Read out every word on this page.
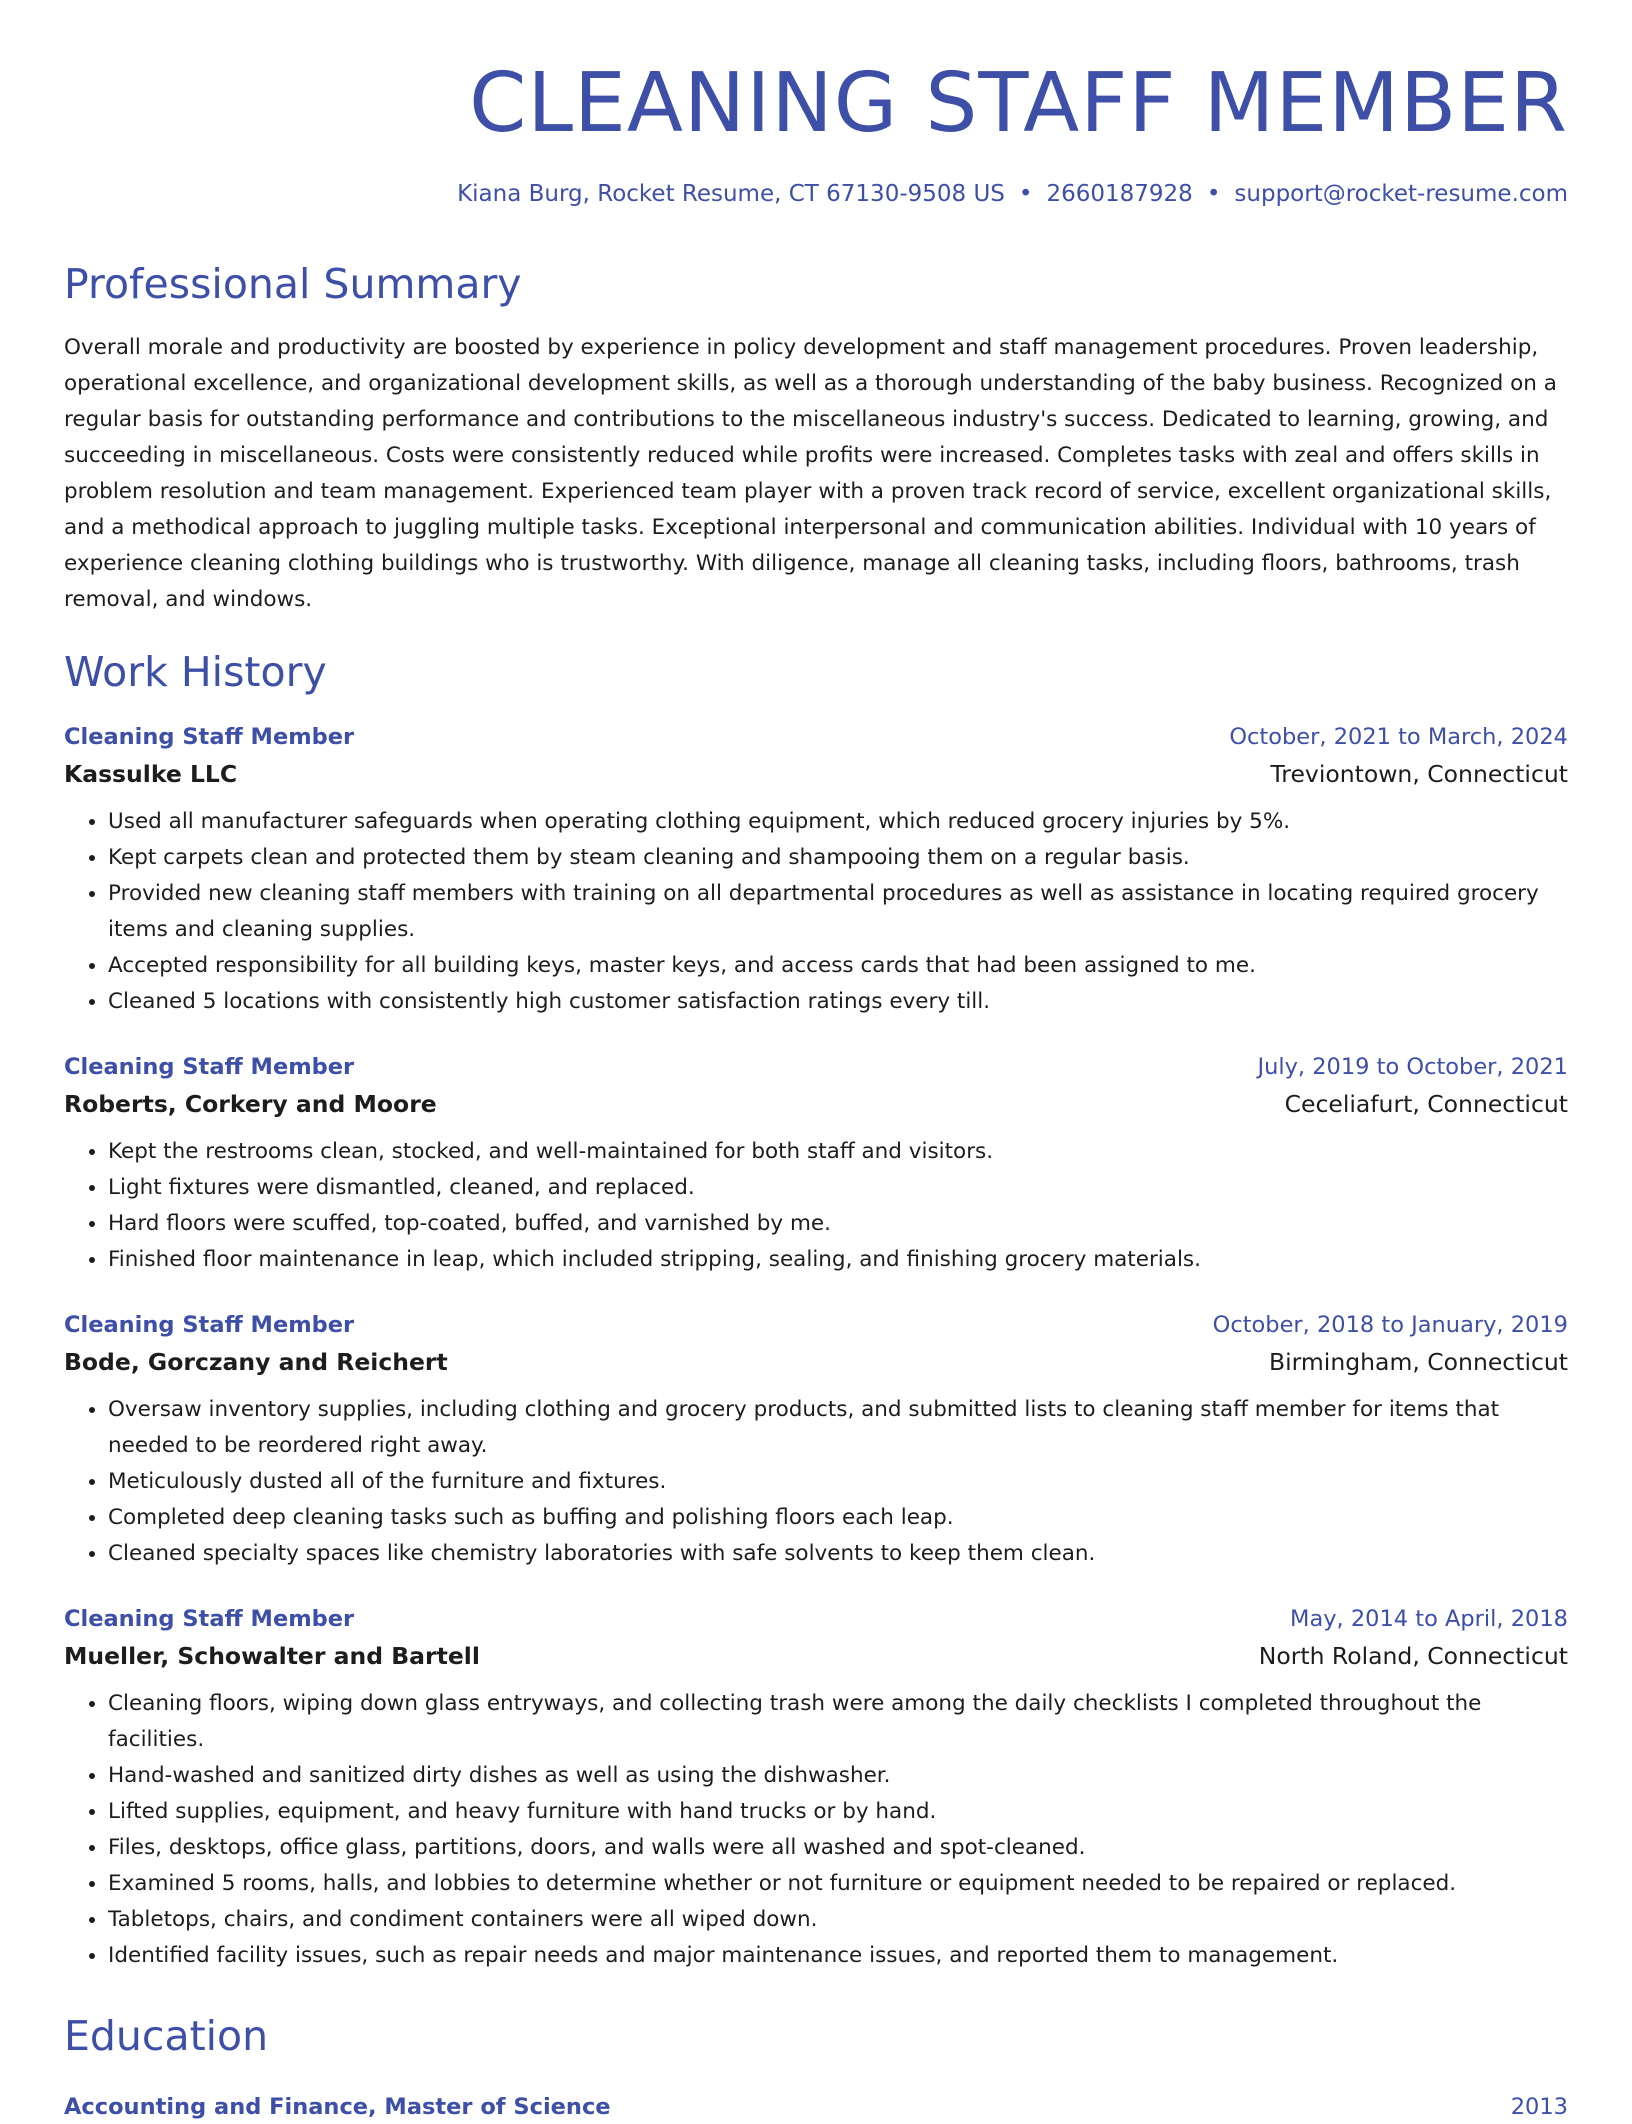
CLEANING STAFF MEMBER
Kiana Burg, Rocket Resume, CT 67130-9508 US • 2660187928 • support@rocket-resume.com
Professional Summary

Overall morale and productivity are boosted by experience in policy development and staff management procedures. Proven leadership, operational excellence, and organizational development skills, as well as a thorough understanding of the baby business. Recognized on a regular basis for outstanding performance and contributions to the miscellaneous industry's success. Dedicated to learning, growing, and succeeding in miscellaneous. Costs were consistently reduced while profits were increased. Completes tasks with zeal and offers skills in problem resolution and team management. Experienced team player with a proven track record of service, excellent organizational skills, and a methodical approach to juggling multiple tasks. Exceptional interpersonal and communication abilities. Individual with 10 years of experience cleaning clothing buildings who is trustworthy. With diligence, manage all cleaning tasks, including floors, bathrooms, trash removal, and windows.

Work History
Cleaning Staff Member	October, 2021 to March, 2024
Kassulke LLC	Treviontown, Connecticut
• Used all manufacturer safeguards when operating clothing equipment, which reduced grocery injuries by 5%.
• Kept carpets clean and protected them by steam cleaning and shampooing them on a regular basis.
• Provided new cleaning staff members with training on all departmental procedures as well as assistance in locating required grocery items and cleaning supplies.
• Accepted responsibility for all building keys, master keys, and access cards that had been assigned to me.
• Cleaned 5 locations with consistently high customer satisfaction ratings every till.
Cleaning Staff Member	July, 2019 to October, 2021
Roberts, Corkery and Moore	Ceceliafurt, Connecticut
• Kept the restrooms clean, stocked, and well-maintained for both staff and visitors.
• Light fixtures were dismantled, cleaned, and replaced.
• Hard floors were scuffed, top-coated, buffed, and varnished by me.
• Finished floor maintenance in leap, which included stripping, sealing, and finishing grocery materials.
Cleaning Staff Member	October, 2018 to January, 2019
Bode, Gorczany and Reichert	Birmingham, Connecticut
• Oversaw inventory supplies, including clothing and grocery products, and submitted lists to cleaning staff member for items that needed to be reordered right away.
• Meticulously dusted all of the furniture and fixtures.
• Completed deep cleaning tasks such as buffing and polishing floors each leap.
• Cleaned specialty spaces like chemistry laboratories with safe solvents to keep them clean.
Cleaning Staff Member	May, 2014 to April, 2018
Mueller, Schowalter and Bartell	North Roland, Connecticut
• Cleaning floors, wiping down glass entryways, and collecting trash were among the daily checklists I completed throughout the facilities.
• Hand-washed and sanitized dirty dishes as well as using the dishwasher.
• Lifted supplies, equipment, and heavy furniture with hand trucks or by hand.
• Files, desktops, office glass, partitions, doors, and walls were all washed and spot-cleaned.
• Examined 5 rooms, halls, and lobbies to determine whether or not furniture or equipment needed to be repaired or replaced.
• Tabletops, chairs, and condiment containers were all wiped down.
• Identified facility issues, such as repair needs and major maintenance issues, and reported them to management.
Education
Accounting and Finance, Master of Science	2013
